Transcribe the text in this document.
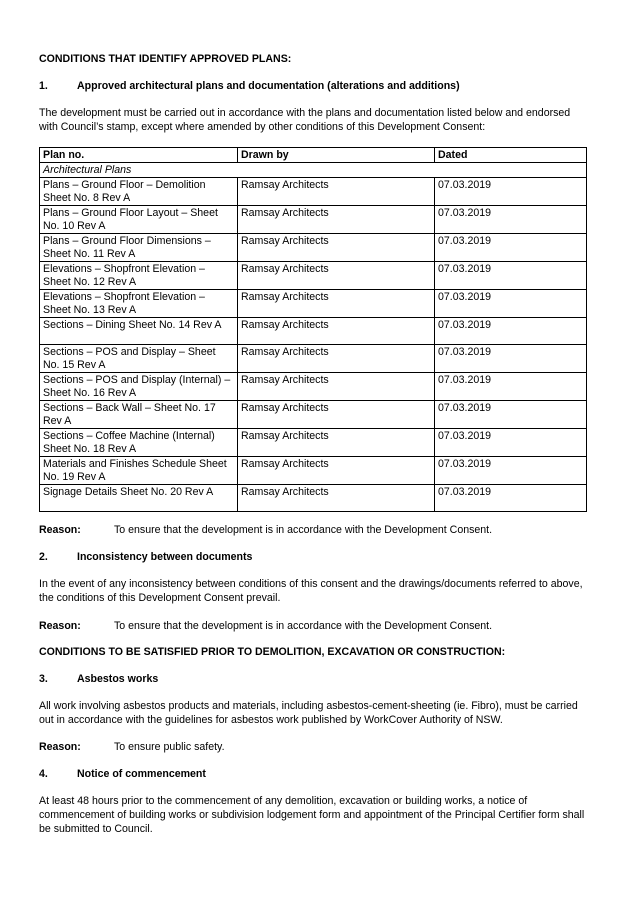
CONDITIONS THAT IDENTIFY APPROVED PLANS:
1.	Approved architectural plans and documentation (alterations and additions)
The development must be carried out in accordance with the plans and documentation listed below and endorsed with Council’s stamp, except where amended by other conditions of this Development Consent:
Plan no.	Drawn by	Dated
Architectural Plans		
Plans – Ground Floor – Demolition Sheet No. 8 Rev A	Ramsay Architects	07.03.2019
Plans – Ground Floor Layout – Sheet No. 10 Rev A	Ramsay Architects	07.03.2019
Plans – Ground Floor Dimensions – Sheet No. 11 Rev A	Ramsay Architects	07.03.2019
Elevations – Shopfront Elevation – Sheet No. 12 Rev A	Ramsay Architects	07.03.2019
Elevations – Shopfront Elevation – Sheet No. 13 Rev A	Ramsay Architects	07.03.2019
Sections – Dining Sheet No. 14 Rev A	Ramsay Architects	07.03.2019
Sections – POS and Display – Sheet No. 15 Rev A	Ramsay Architects	07.03.2019
Sections – POS and Display (Internal) – Sheet No. 16 Rev A	Ramsay Architects	07.03.2019
Sections – Back Wall – Sheet No. 17 Rev A	Ramsay Architects	07.03.2019
Sections – Coffee Machine (Internal) Sheet No. 18 Rev A	Ramsay Architects	07.03.2019
Materials and Finishes Schedule Sheet No. 19 Rev A	Ramsay Architects	07.03.2019
Signage Details Sheet No. 20 Rev A	Ramsay Architects	07.03.2019
Reason:	To ensure that the development is in accordance with the Development Consent.
2.	Inconsistency between documents
In the event of any inconsistency between conditions of this consent and the drawings/documents referred to above, the conditions of this Development Consent prevail.
Reason:	To ensure that the development is in accordance with the Development Consent.
CONDITIONS TO BE SATISFIED PRIOR TO DEMOLITION, EXCAVATION OR CONSTRUCTION:
3.	Asbestos works
All work involving asbestos products and materials, including asbestos-cement-sheeting (ie. Fibro), must be carried out in accordance with the guidelines for asbestos work published by WorkCover Authority of NSW.
Reason:	To ensure public safety.
4.	Notice of commencement
At least 48 hours prior to the commencement of any demolition, excavation or building works, a notice of commencement of building works or subdivision lodgement form and appointment of the Principal Certifier form shall be submitted to Council.
